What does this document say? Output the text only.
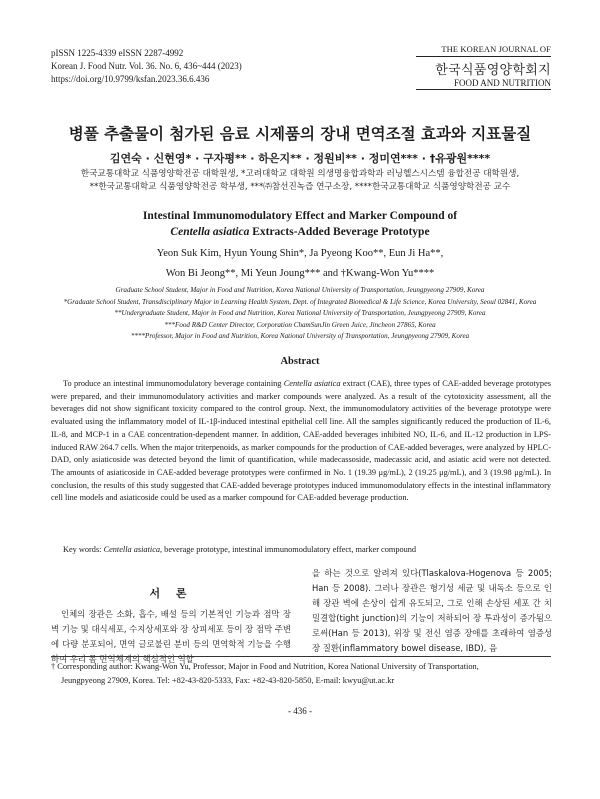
pISSN 1225-4339 eISSN 2287-4992
Korean J. Food Nutr. Vol. 36. No. 6, 436~444 (2023)
https://doi.org/10.9799/ksfan.2023.36.6.436
THE KOREAN JOURNAL OF
한국식품영양학회지
FOOD AND NUTRITION
병풀 추출물이 첨가된 음료 시제품의 장내 면역조절 효과와 지표물질
김연숙 · 신현영* · 구자평** · 하은지** · 정원비** · 정미연*** · †유광원****
한국교통대학교 식품영양학전공 대학원생, *고려대학교 대학원 의생명융합과학과 러닝헬스시스템 융합전공 대학원생,
**한국교통대학교 식품영양학전공 학부생, ***㈜참선진녹즙 연구소장, ****한국교통대학교 식품영양학전공 교수
Intestinal Immunomodulatory Effect and Marker Compound of
Centella asiatica Extracts-Added Beverage Prototype
Yeon Suk Kim, Hyun Young Shin*, Ja Pyeong Koo**, Eun Ji Ha**,
Won Bi Jeong**, Mi Yeun Joung*** and †Kwang-Won Yu****
Graduate School Student, Major in Food and Nutrition, Korea National University of Transportation, Jeungpyeong 27909, Korea
*Graduate School Student, Transdisciplinary Major in Learning Health System, Dept. of Integrated Biomedical & Life Science, Korea University, Seoul 02841, Korea
**Undergraduate Student, Major in Food and Nutrition, Korea National University of Transportation, Jeungpyeong 27909, Korea
***Food R&D Center Director, Corporation ChamSunJin Green Juice, Jincheon 27865, Korea
****Professor, Major in Food and Nutrition, Korea National University of Transportation, Jeungpyeong 27909, Korea
Abstract
To produce an intestinal immunomodulatory beverage containing Centella asiatica extract (CAE), three types of CAE-added beverage prototypes were prepared, and their immunomodulatory activities and marker compounds were analyzed. As a result of the cytotoxicity assessment, all the beverages did not show significant toxicity compared to the control group. Next, the immunomodulatory activities of the beverage prototype were evaluated using the inflammatory model of IL-1β-induced intestinal epithelial cell line. All the samples significantly reduced the production of IL-6, IL-8, and MCP-1 in a CAE concentration-dependent manner. In addition, CAE-added beverages inhibited NO, IL-6, and IL-12 production in LPS-induced RAW 264.7 cells. When the major triterpenoids, as marker compounds for the production of CAE-added beverages, were analyzed by HPLC-DAD, only asiaticoside was detected beyond the limit of quantification, while madecassoside, madecassic acid, and asiatic acid were not detected. The amounts of asiaticoside in CAE-added beverage prototypes were confirmed in No. 1 (19.39 μg/mL), 2 (19.25 μg/mL), and 3 (19.98 μg/mL). In conclusion, the results of this study suggested that CAE-added beverage prototypes induced immunomodulatory effects in the intestinal inflammatory cell line models and asiaticoside could be used as a marker compound for CAE-added beverage production.
Key words: Centella asiatica, beverage prototype, intestinal immunomodulatory effect, marker compound
서 론
인체의 장관은 소화, 흡수, 배설 등의 기본적인 기능과 점막 장벽 기능 및 대식세포, 수지상세포와 장 상피세포 등이 장 점막 주변에 다량 분포되어, 면역 글로불린 분비 등의 면역학적 기능을 수행하여 우리 몸 면역체계의 핵심적인 역할
을 하는 것으로 알려져 있다(Tlaskalova-Hogenova 등 2005; Han 등 2008). 그러나 장관은 형기성 세균 및 내독소 등으로 인해 장관 벽에 손상이 쉽게 유도되고, 그로 인해 손상된 세포 간 치밀결합(tight junction)의 기능이 저하되어 장 투과성이 증가됨으로써(Han 등 2013), 위장 및 전신 염증 장애를 초래하여 염증성 장 질환(inflammatory bowel disease, IBD), 음
† Corresponding author: Kwang-Won Yu, Professor, Major in Food and Nutrition, Korea National University of Transportation,
Jeungpyeong 27909, Korea. Tel: +82-43-820-5333, Fax: +82-43-820-5850, E-mail: kwyu@ut.ac.kr
- 436 -
